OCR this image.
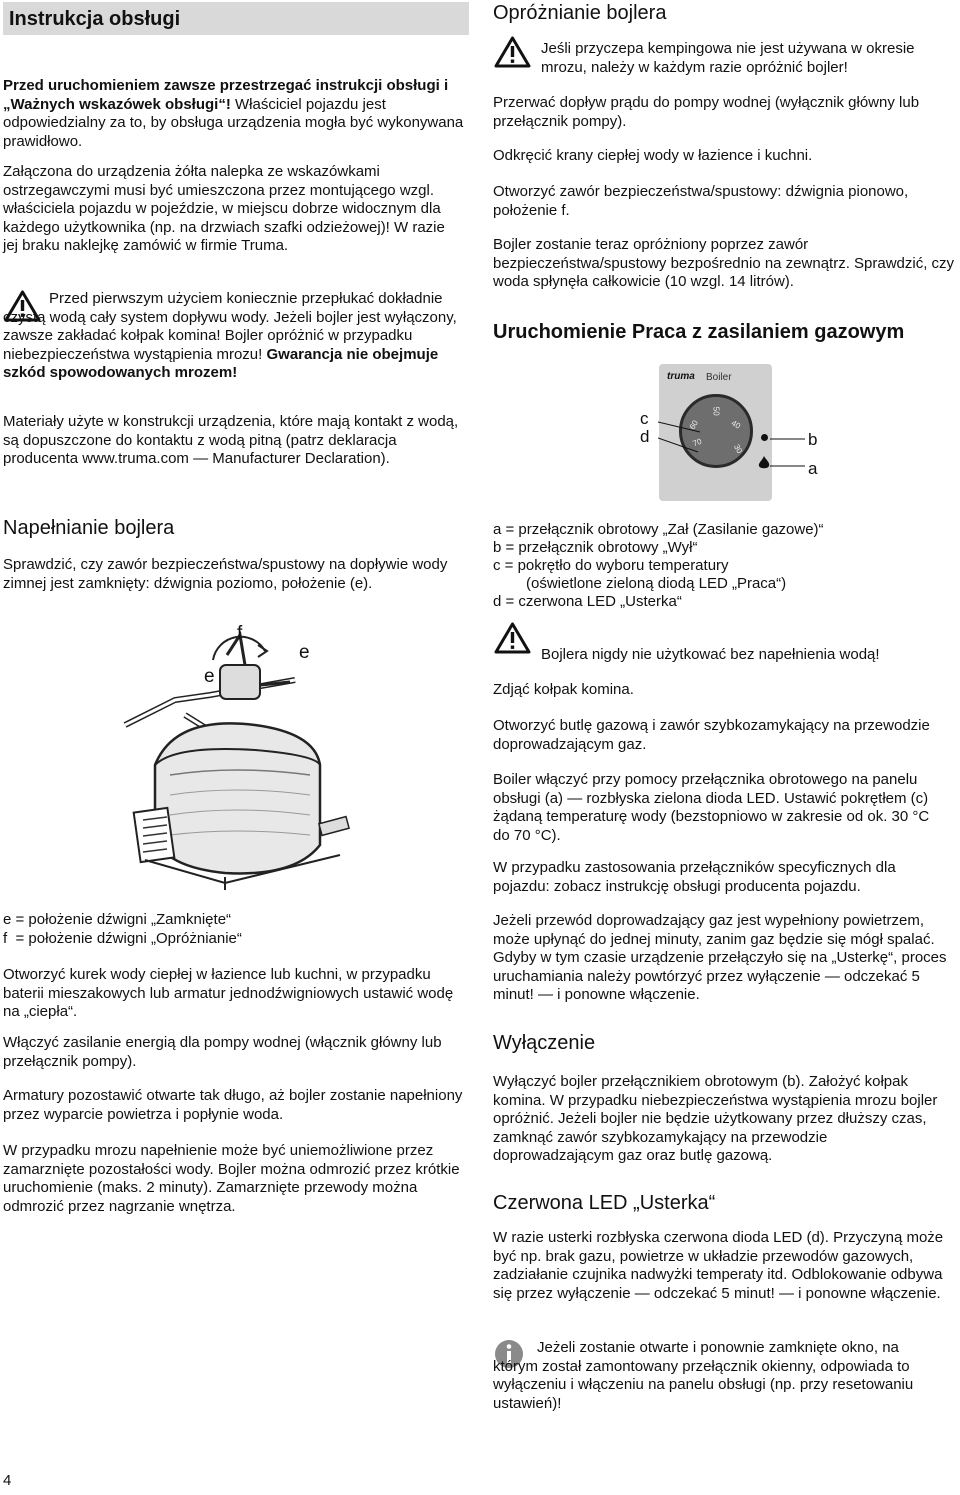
Instrukcja obsługi

Przed uruchomieniem zawsze przestrzegać instrukcji obsługi i „Ważnych wskazówek obsługi“! Właściciel pojazdu jest odpowiedzialny za to, by obsługa urządzenia mogła być wykonywana prawidłowo.

Załączona do urządzenia żółta nalepka ze wskazówkami ostrzegawczymi musi być umieszczona przez montującego wzgl. właściciela pojazdu w pojeździe, w miejscu dobrze widocznym dla każdego użytkownika (np. na drzwiach szafki odzieżowej)! W razie jej braku naklejkę zamówić w firmie Truma.

Przed pierwszym użyciem koniecznie przepłukać dokładnie czystą wodą cały system dopływu wody. Jeżeli bojler jest wyłączony, zawsze zakładać kołpak komina! Bojler opróżnić w przypadku niebezpieczeństwa wystąpienia mrozu! Gwarancja nie obejmuje szkód spowodowanych mrozem!

Materiały użyte w konstrukcji urządzenia, które mają kontakt z wodą, są dopuszczone do kontaktu z wodą pitną (patrz deklaracja producenta www.truma.com — Manufacturer Declaration).

Napełnianie bojlera

Sprawdzić, czy zawór bezpieczeństwa/spustowy na dopływie wody zimnej jest zamknięty: dźwignia poziomo, położenie (e).

e
f
e
e = położenie dźwigni „Zamknięte“
f  = położenie dźwigni „Opróżnianie“

Otworzyć kurek wody ciepłej w łazience lub kuchni, w przypadku baterii mieszakowych lub armatur jednodźwigniowych ustawić wodę na „ciepła“.

Włączyć zasilanie energią dla pompy wodnej (włącznik główny lub przełącznik pompy).

Armatury pozostawić otwarte tak długo, aż bojler zostanie napełniony przez wyparcie powietrza i popłynie woda.

W przypadku mrozu napełnienie może być uniemożliwione przez zamarznięte pozostałości wody. Bojler można odmrozić przez krótkie uruchomienie (maks. 2 minuty). Zamarznięte przewody można odmrozić przez nagrzanie wnętrza.

4
Opróżnianie bojlera

Jeśli przyczepa kempingowa nie jest używana w okresie mrozu, należy w każdym razie opróżnić bojler!

Przerwać dopływ prądu do pompy wodnej (wyłącznik główny lub przełącznik pompy).

Odkręcić krany ciepłej wody w łazience i kuchni.

Otworzyć zawór bezpieczeństwa/spustowy: dźwignia pionowo, położenie f.

Bojler zostanie teraz opróżniony poprzez zawór bezpieczeństwa/spustowy bezpośrednio na zewnątrz. Sprawdzić, czy woda spłynęła całkowicie (10 wzgl. 14 litrów).

Uruchomienie Praca z zasilaniem gazowym
truma Boiler
70
60
50
40
30
c
d	b
a
a = przełącznik obrotowy „Zał (Zasilanie gazowe)“
b = przełącznik obrotowy „Wył“
c = pokrętło do wyboru temperatury
(oświetlone zieloną diodą LED „Praca“)
d = czerwona LED „Usterka“

Bojlera nigdy nie użytkować bez napełnienia wodą!

Zdjąć kołpak komina.

Otworzyć butlę gazową i zawór szybkozamykający na przewodzie doprowadzającym gaz.

Boiler włączyć przy pomocy przełącznika obrotowego na panelu obsługi (a) — rozbłyska zielona dioda LED. Ustawić pokrętłem (c) żądaną temperaturę wody (bezstopniowo w zakresie od ok. 30 °C do 70 °C).

W przypadku zastosowania przełączników specyficznych dla pojazdu: zobacz instrukcję obsługi producenta pojazdu.

Jeżeli przewód doprowadzający gaz jest wypełniony powietrzem, może upłynąć do jednej minuty, zanim gaz będzie się mógł spalać. Gdyby w tym czasie urządzenie przełączyło się na „Usterkę“, proces uruchamiania należy powtórzyć przez wyłączenie — odczekać 5 minut! — i ponowne włączenie.

Wyłączenie

Wyłączyć bojler przełącznikiem obrotowym (b). Założyć kołpak komina. W przypadku niebezpieczeństwa wystąpienia mrozu bojler opróżnić. Jeżeli bojler nie będzie użytkowany przez dłuższy czas, zamknąć zawór szybkozamykający na przewodzie doprowadzającym gaz oraz butlę gazową.

Czerwona LED „Usterka“

W razie usterki rozbłyska czerwona dioda LED (d). Przyczyną może być np. brak gazu, powietrze w układzie przewodów gazowych, zadziałanie czujnika nadwyżki temperaty itd. Odblokowanie odbywa się przez wyłączenie — odczekać 5 minut! — i ponowne włączenie.

Jeżeli zostanie otwarte i ponownie zamknięte okno, na którym został zamontowany przełącznik okienny, odpowiada to wyłączeniu i włączeniu na panelu obsługi (np. przy resetowaniu ustawień)!
